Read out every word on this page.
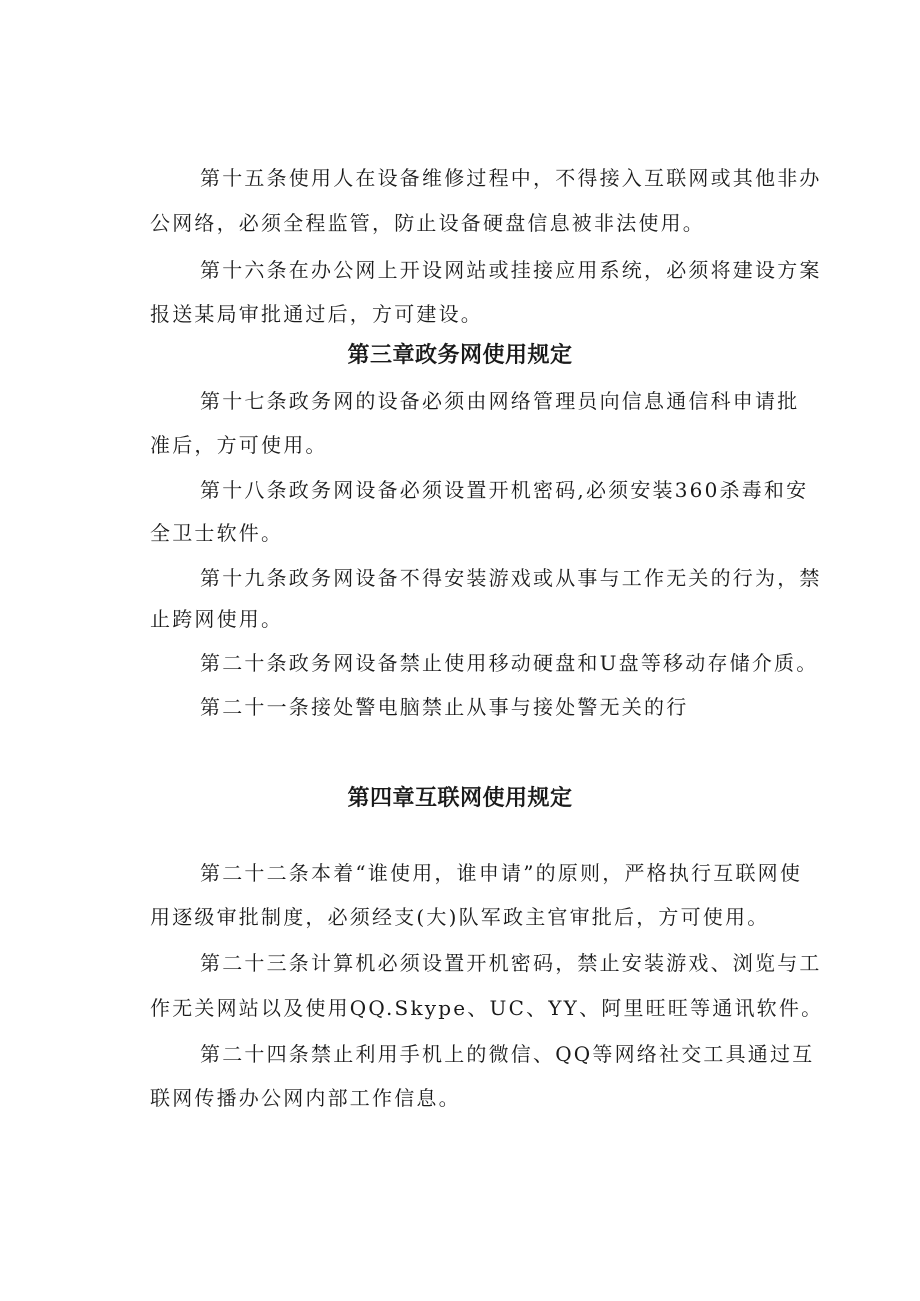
第十五条使用人在设备维修过程中，不得接入互联网或其他非办
公网络，必须全程监管，防止设备硬盘信息被非法使用。
第十六条在办公网上开设网站或挂接应用系统，必须将建设方案
报送某局审批通过后，方可建设。
第三章政务网使用规定
第十七条政务网的设备必须由网络管理员向信息通信科申请批
准后，方可使用。
第十八条政务网设备必须设置开机密码,必须安装360杀毒和安
全卫士软件。
第十九条政务网设备不得安装游戏或从事与工作无关的行为，禁
止跨网使用。
第二十条政务网设备禁止使用移动硬盘和U盘等移动存储介质。
第二十一条接处警电脑禁止从事与接处警无关的行
第四章互联网使用规定
第二十二条本着“谁使用，谁申请”的原则，严格执行互联网使
用逐级审批制度，必须经支(大)队军政主官审批后，方可使用。
第二十三条计算机必须设置开机密码，禁止安装游戏、浏览与工
作无关网站以及使用QQ.Skype、UC、YY、阿里旺旺等通讯软件。
第二十四条禁止利用手机上的微信、QQ等网络社交工具通过互
联网传播办公网内部工作信息。
